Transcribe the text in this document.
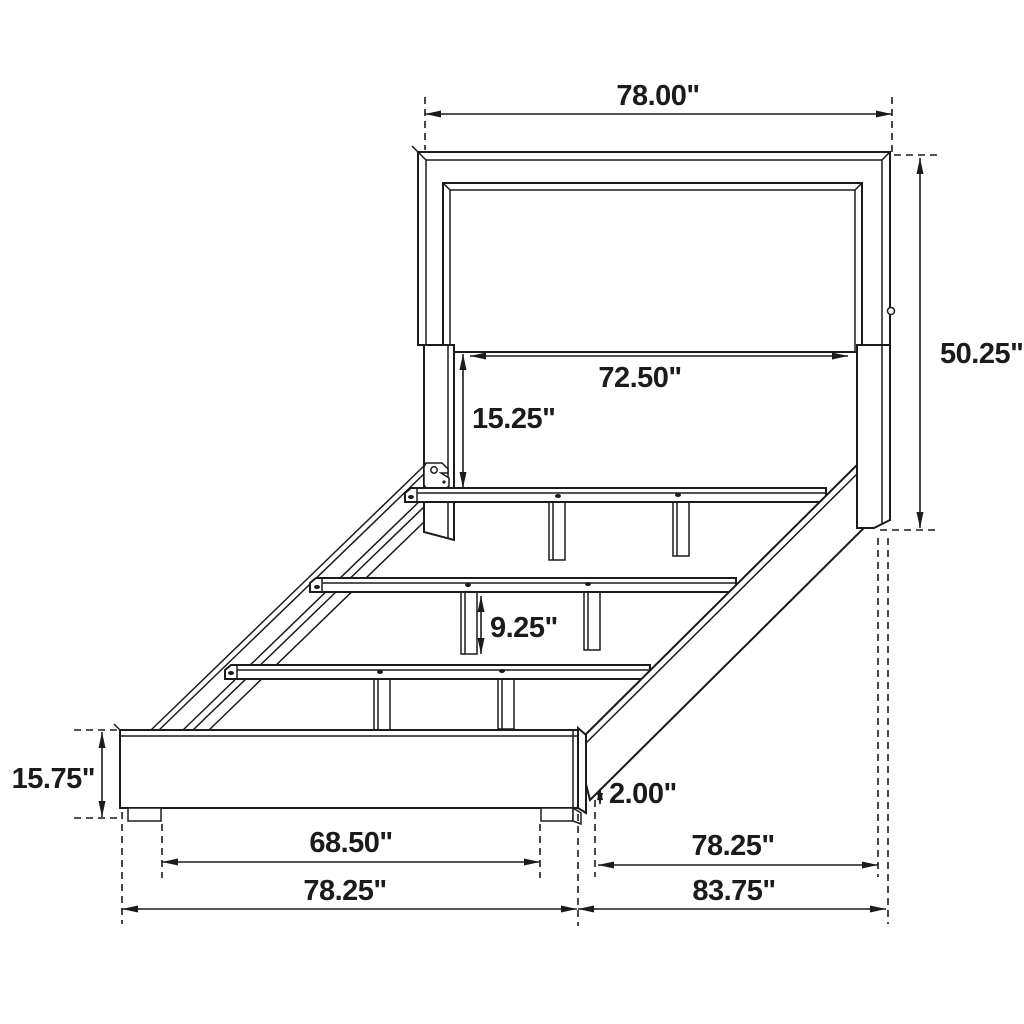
78.00"
50.25"
72.50"
15.25"
9.25"
15.75"	2.00"
68.50"
78.25"
78.25"
83.75"
